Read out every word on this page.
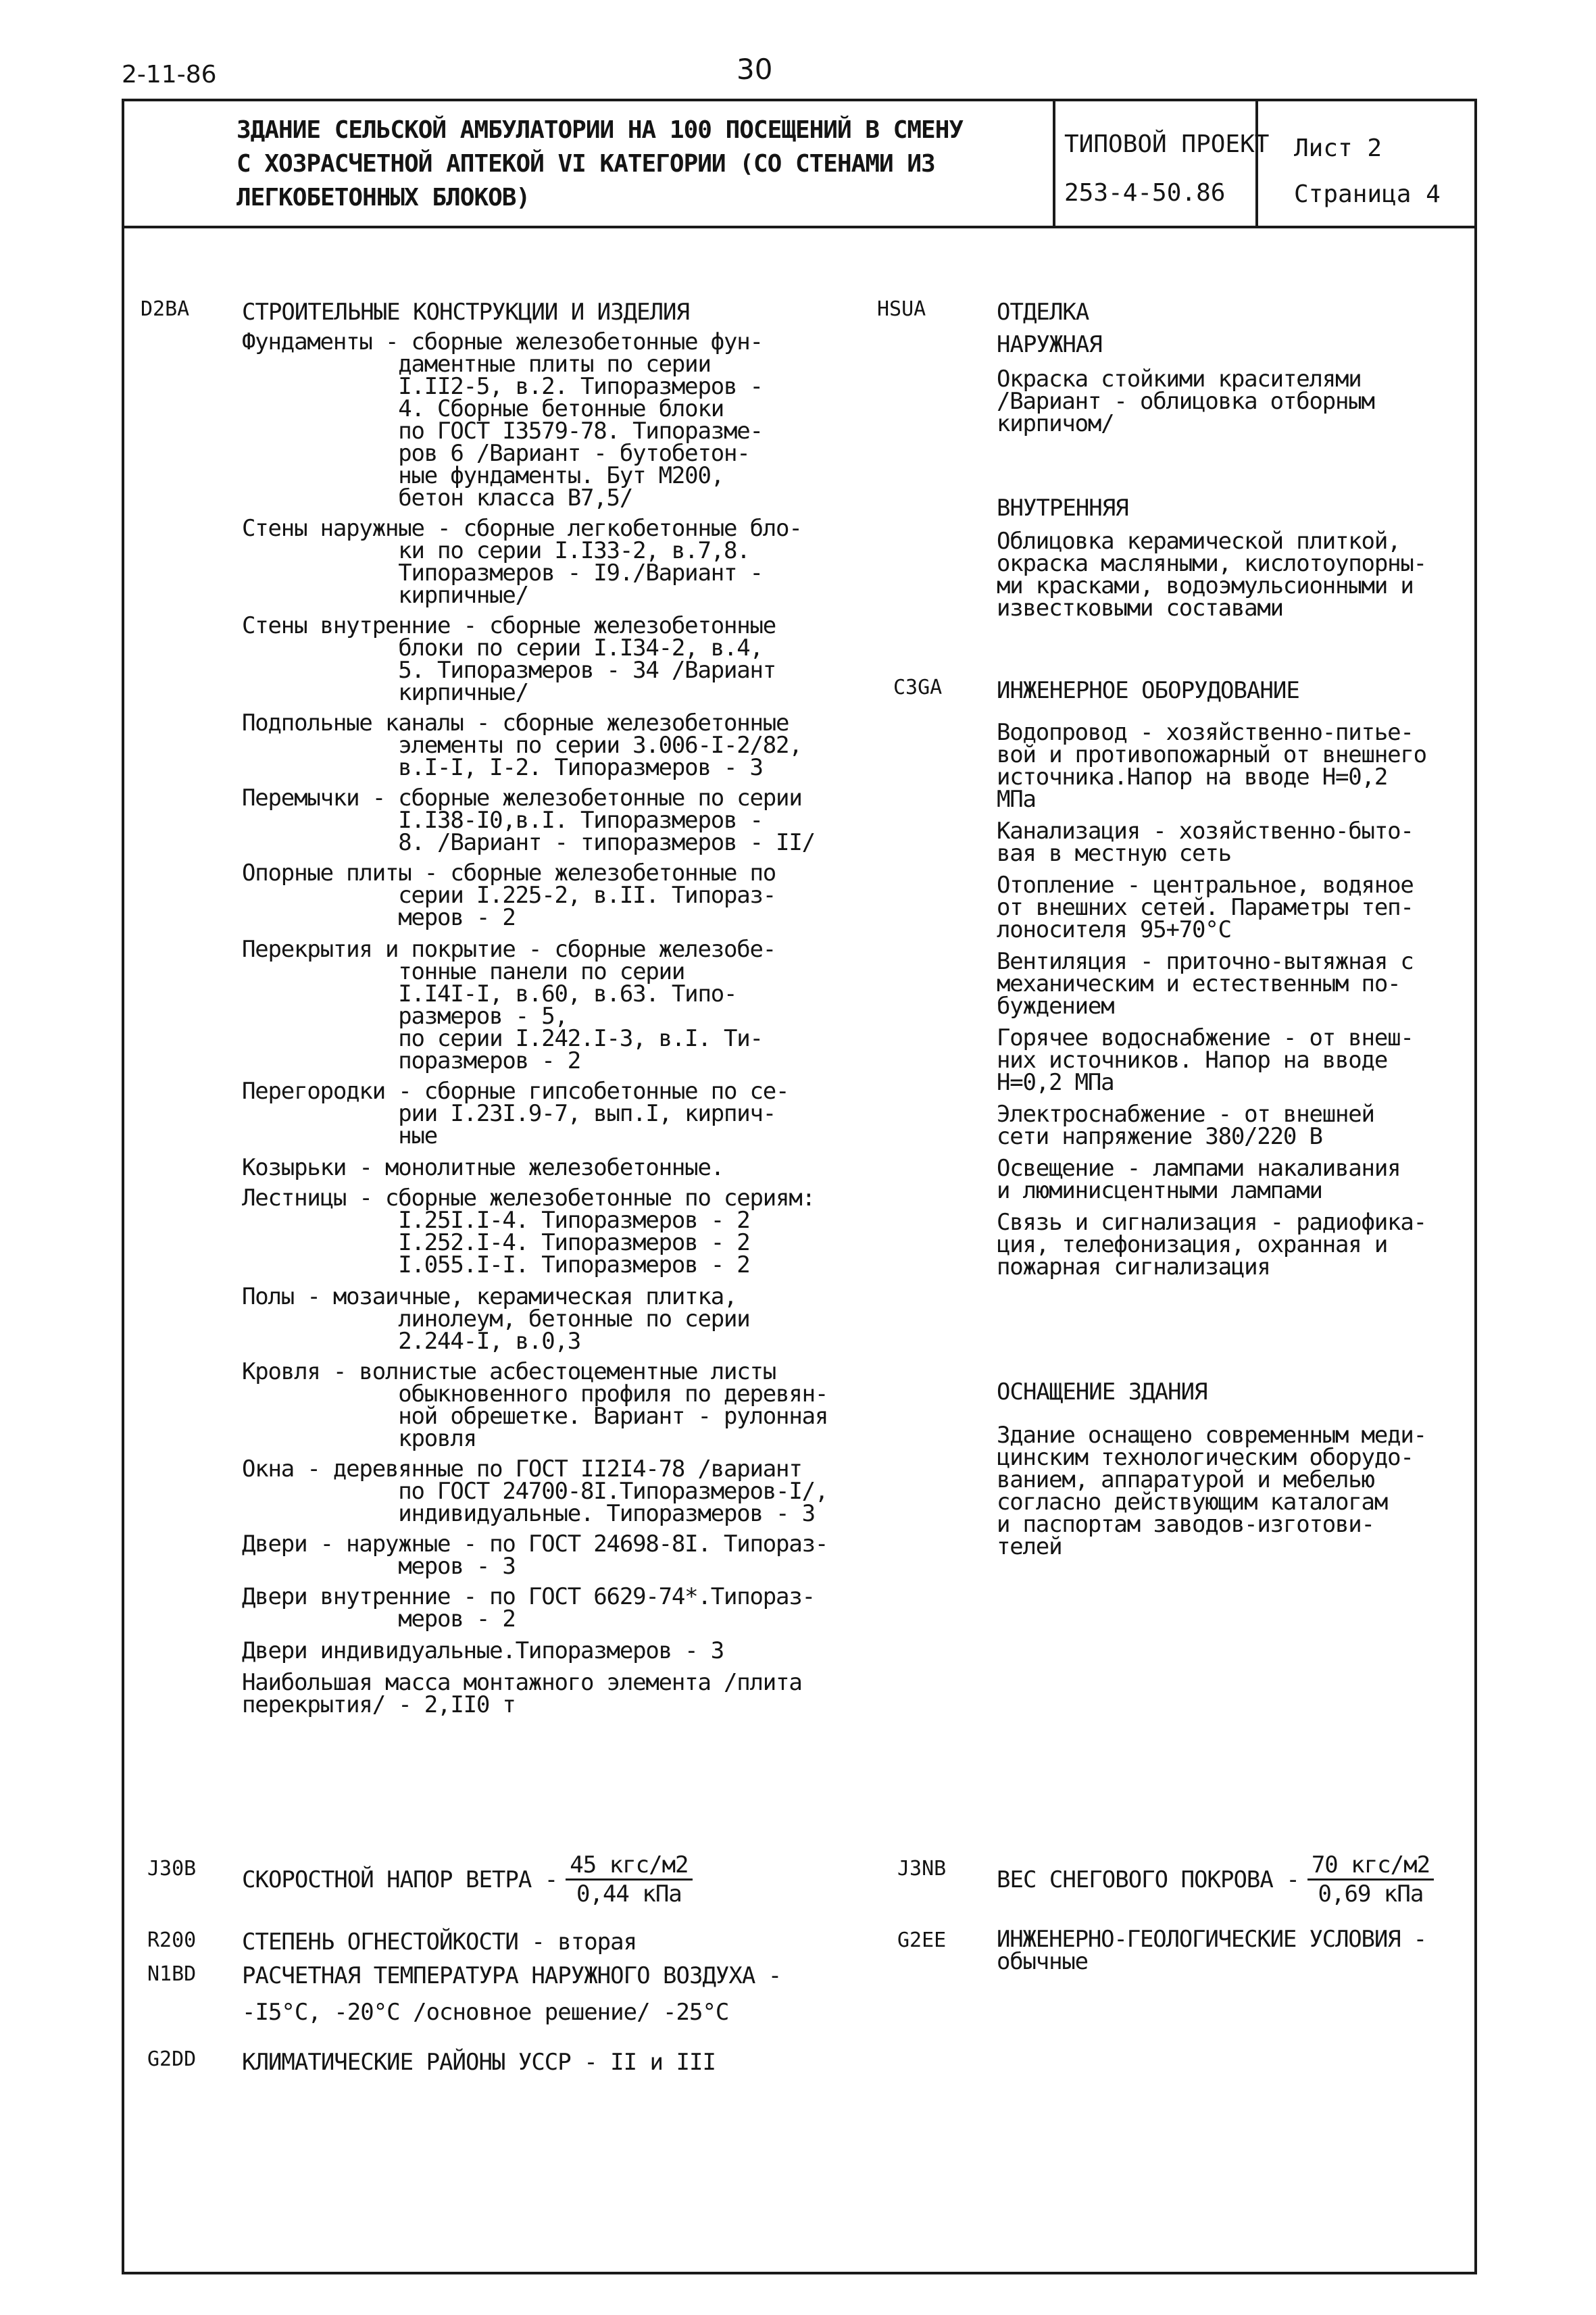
2-11-86	30
ЗДАНИЕ СЕЛЬСКОЙ АМБУЛАТОРИИ НА 100 ПОСЕЩЕНИЙ В СМЕНУ
С ХОЗРАСЧЕТНОЙ АПТЕКОЙ VI КАТЕГОРИИ (СО СТЕНАМИ ИЗ
ЛЕГКОБЕТОННЫХ БЛОКОВ)
ТИПОВОЙ ПРОЕКТ
253-4-50.86
Лист 2
Страница 4
D2BA СТРОИТЕЛЬНЫЕ КОНСТРУКЦИИ И ИЗДЕЛИЯ
Фундаменты - сборные железобетонные фун-
даментные плиты по серии
I.II2-5, в.2. Типоразмеров -
4. Сборные бетонные блоки
по ГОСТ I3579-78. Типоразме-
ров 6 /Вариант - бутобетон-
ные фундаменты. Бут М200,
бетон класса В7,5/
Стены наружные - сборные легкобетонные бло-
ки по серии I.I33-2, в.7,8.
Типоразмеров - I9./Вариант -
кирпичные/
Стены внутренние - сборные железобетонные
блоки по серии I.I34-2, в.4,
5. Типоразмеров - 34 /Вариант
кирпичные/
Подпольные каналы - сборные железобетонные
элементы по серии 3.006-I-2/82,
в.I-I, I-2. Типоразмеров - 3
Перемычки - сборные железобетонные по серии
I.I38-I0,в.I. Типоразмеров -
8. /Вариант - типоразмеров - II/
Опорные плиты - сборные железобетонные по
серии I.225-2, в.II. Типораз-
меров - 2
Перекрытия и покрытие - сборные железобе-
тонные панели по серии
I.I4I-I, в.60, в.63. Типо-
размеров - 5,
по серии I.242.I-3, в.I. Ти-
поразмеров - 2
Перегородки - сборные гипсобетонные по се-
рии I.23I.9-7, вып.I, кирпич-
ные
Козырьки - монолитные железобетонные.
Лестницы - сборные железобетонные по сериям:
I.25I.I-4. Типоразмеров - 2
I.252.I-4. Типоразмеров - 2
I.055.I-I. Типоразмеров - 2
Полы - мозаичные, керамическая плитка,
линолеум, бетонные по серии
2.244-I, в.0,3
Кровля - волнистые асбестоцементные листы
обыкновенного профиля по деревян-
ной обрешетке. Вариант - рулонная
кровля
Окна - деревянные по ГОСТ II2I4-78 /вариант
по ГОСТ 24700-8I.Типоразмеров-I/,
индивидуальные. Типоразмеров - 3
Двери - наружные - по ГОСТ 24698-8I. Типораз-
меров - 3
Двери внутренние - по ГОСТ 6629-74*.Типораз-
меров - 2
Двери индивидуальные.Типоразмеров - 3
Наибольшая масса монтажного элемента /плита
перекрытия/ - 2,II0 т
HSUA	ОТДЕЛКА
НАРУЖНАЯ
Окраска стойкими красителями
/Вариант - облицовка отборным
кирпичом/
ВНУТРЕННЯЯ
Облицовка керамической плиткой,
окраска масляными, кислотоупорны-
ми красками, водоэмульсионными и
известковыми составами
C3GA ИНЖЕНЕРНОЕ ОБОРУДОВАНИЕ
Водопровод - хозяйственно-питье-
вой и противопожарный от внешнего
источника.Напор на вводе Н=0,2
МПа
Канализация - хозяйственно-быто-
вая в местную сеть
Отопление - центральное, водяное
от внешних сетей. Параметры теп-
лоносителя 95+70°С
Вентиляция - приточно-вытяжная с
механическим и естественным по-
буждением
Горячее водоснабжение - от внеш-
них источников. Напор на вводе
Н=0,2 МПа
Электроснабжение - от внешней
сети напряжение 380/220 В
Освещение - лампами накаливания
и люминисцентными лампами
Связь и сигнализация - радиофика-
ция, телефонизация, охранная и
пожарная сигнализация
ОСНАЩЕНИЕ ЗДАНИЯ
Здание оснащено современным меди-
цинским технологическим оборудо-
ванием, аппаратурой и мебелью
согласно действующим каталогам
и паспортам заводов-изготови-
телей
J30B СКОРОСТНОЙ НАПОР ВЕТРА - $\frac{\text{45 кгс/м2}}{\text{0,44 кПа}}$	J3NB ВЕС СНЕГОВОГО ПОКРОВА - $\frac{\text{70 кгс/м2}}{\text{0,69 кПа}}$
R200 СТЕПЕНЬ ОГНЕСТОЙКОСТИ - вторая	G2EE ИНЖЕНЕРНО-ГЕОЛОГИЧЕСКИЕ УСЛОВИЯ -
обычные
N1BD РАСЧЕТНАЯ ТЕМПЕРАТУРА НАРУЖНОГО ВОЗДУХА -
-I5°С, -20°С /основное решение/ -25°С
G2DD КЛИМАТИЧЕСКИЕ РАЙОНЫ УССР - II и III
